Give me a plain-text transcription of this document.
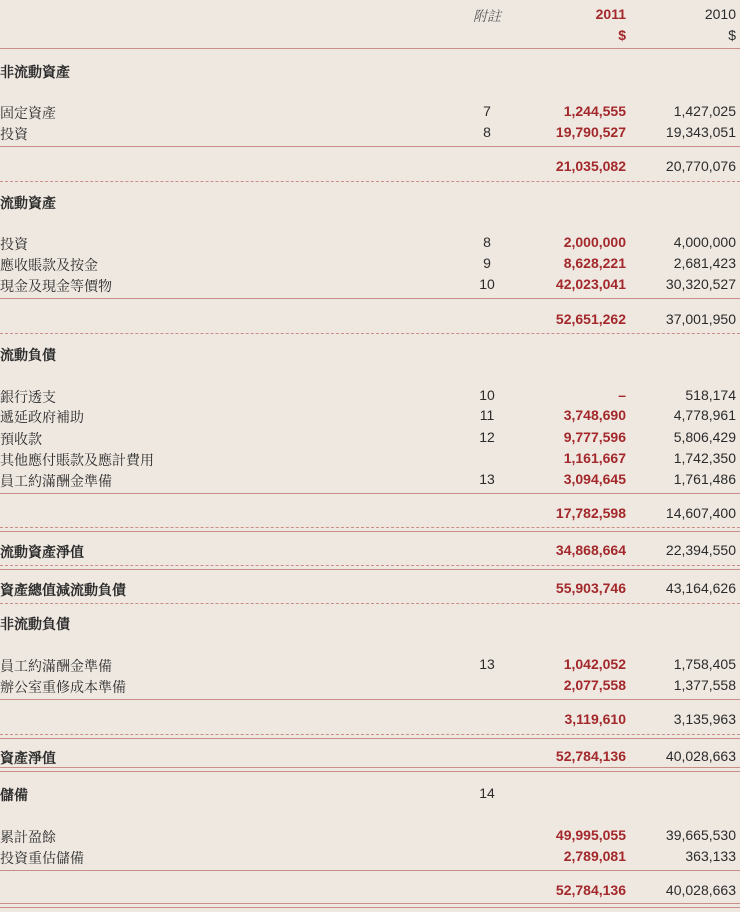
附註	2011	2010
$	$
非流動資產
固定資產	7	1,244,555	1,427,025
投資	8	19,790,527	19,343,051
21,035,082	20,770,076
流動資產
投資	8	2,000,000	4,000,000
應收賬款及按金	9	8,628,221	2,681,423
現金及現金等價物	10	42,023,041	30,320,527
52,651,262	37,001,950
流動負債
銀行透支	10	–	518,174
遞延政府補助	11	3,748,690	4,778,961
預收款	12	9,777,596	5,806,429
其他應付賬款及應計費用	1,161,667	1,742,350
員工約滿酬金準備	13	3,094,645	1,761,486
17,782,598	14,607,400
流動資產淨值	34,868,664	22,394,550
資產總值減流動負債	55,903,746	43,164,626
非流動負債
員工約滿酬金準備	13	1,042,052	1,758,405
辦公室重修成本準備	2,077,558	1,377,558
3,119,610	3,135,963
資產淨值	52,784,136	40,028,663
儲備	14
累計盈餘	49,995,055	39,665,530
投資重估儲備	2,789,081	363,133
52,784,136	40,028,663
